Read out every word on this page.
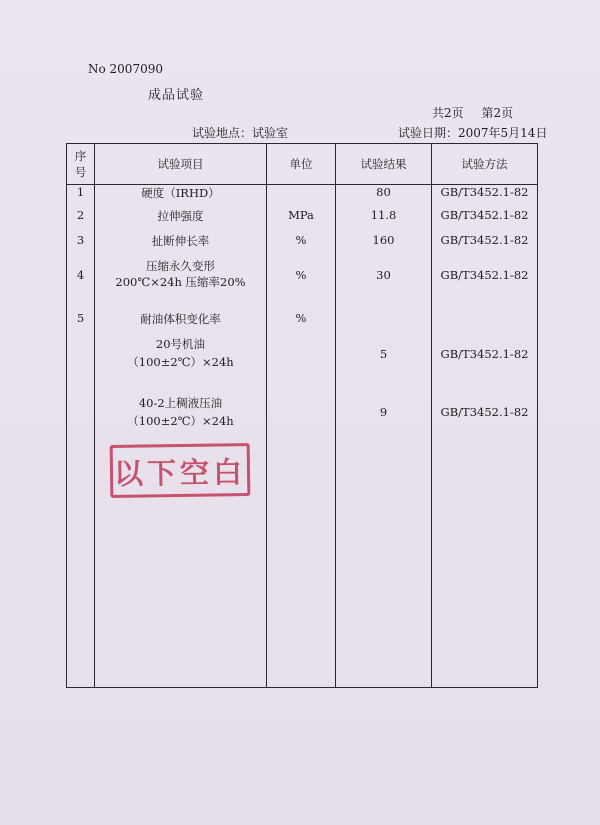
No 2007090
成品试验
共2页 第2页
试验地点：试验室	试验日期：2007年5月14日
序号	试验项目	单位	试验结果	试验方法
1	硬度（IRHD）		80	GB/T3452.1-82
2	拉伸强度	MPa	11.8	GB/T3452.1-82
3	扯断伸长率	%	160	GB/T3452.1-82
4	压缩永久变形
200℃×24h 压缩率20%	%	30	GB/T3452.1-82
5	耐油体积变化率	%		

	20号机油
（100±2℃）×24h		5	GB/T3452.1-82

	40-2上稠液压油
（100±2℃）×24h		9	GB/T3452.1-82
以下空白
